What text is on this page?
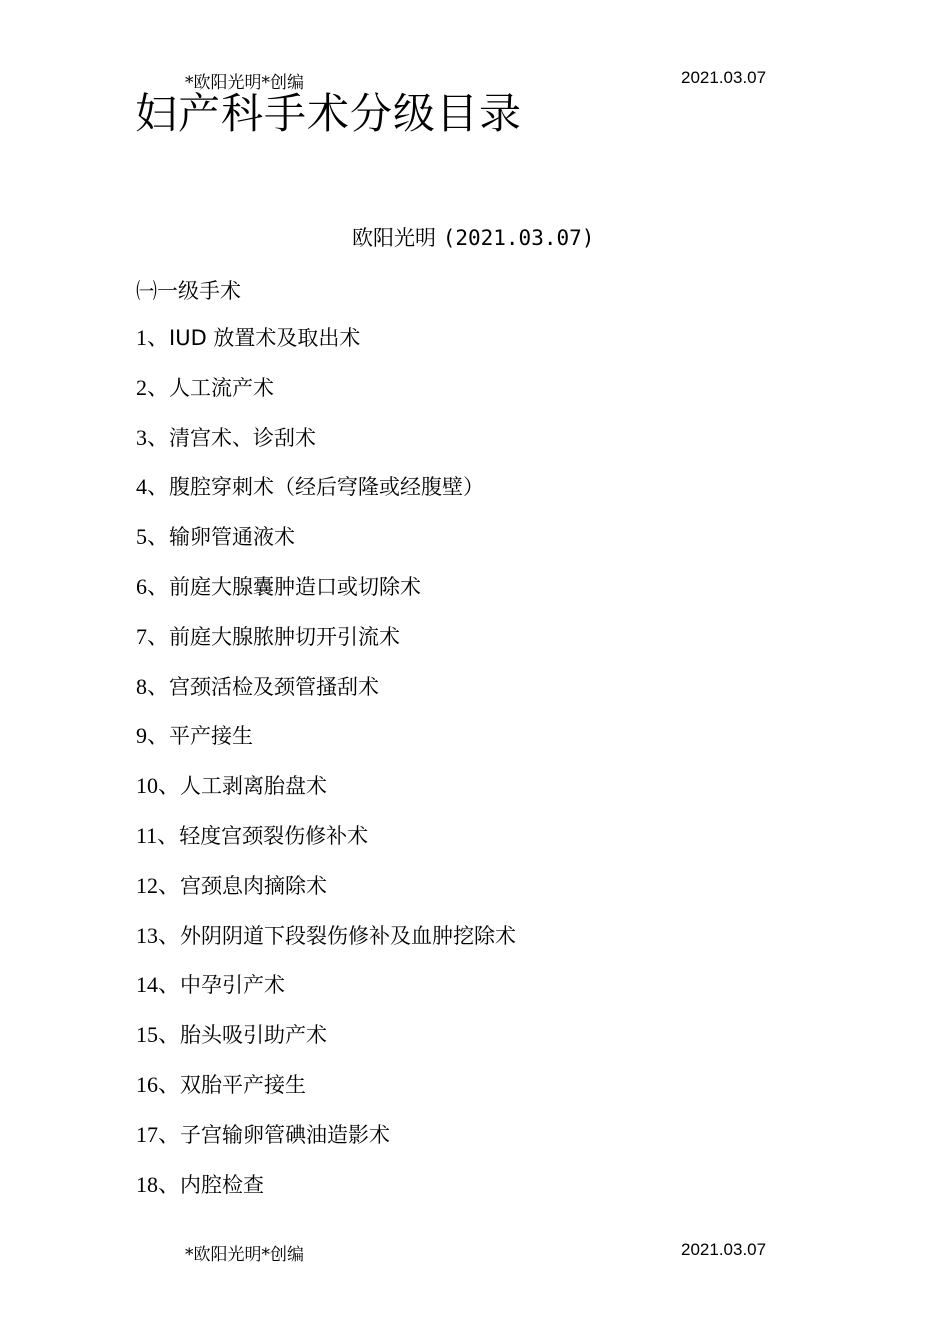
*欧阳光明*创编	2021.03.07
妇产科手术分级目录
欧阳光明 (2021.03.07)
㈠一级手术
1、IUD 放置术及取出术
2、人工流产术
3、清宫术、诊刮术
4、腹腔穿刺术（经后穹隆或经腹壁）
5、输卵管通液术
6、前庭大腺囊肿造口或切除术
7、前庭大腺脓肿切开引流术
8、宫颈活检及颈管搔刮术
9、平产接生
10、人工剥离胎盘术
11、轻度宫颈裂伤修补术
12、宫颈息肉摘除术
13、外阴阴道下段裂伤修补及血肿挖除术
14、中孕引产术
15、胎头吸引助产术
16、双胎平产接生
17、子宫输卵管碘油造影术
18、内腔检查
*欧阳光明*创编	2021.03.07
